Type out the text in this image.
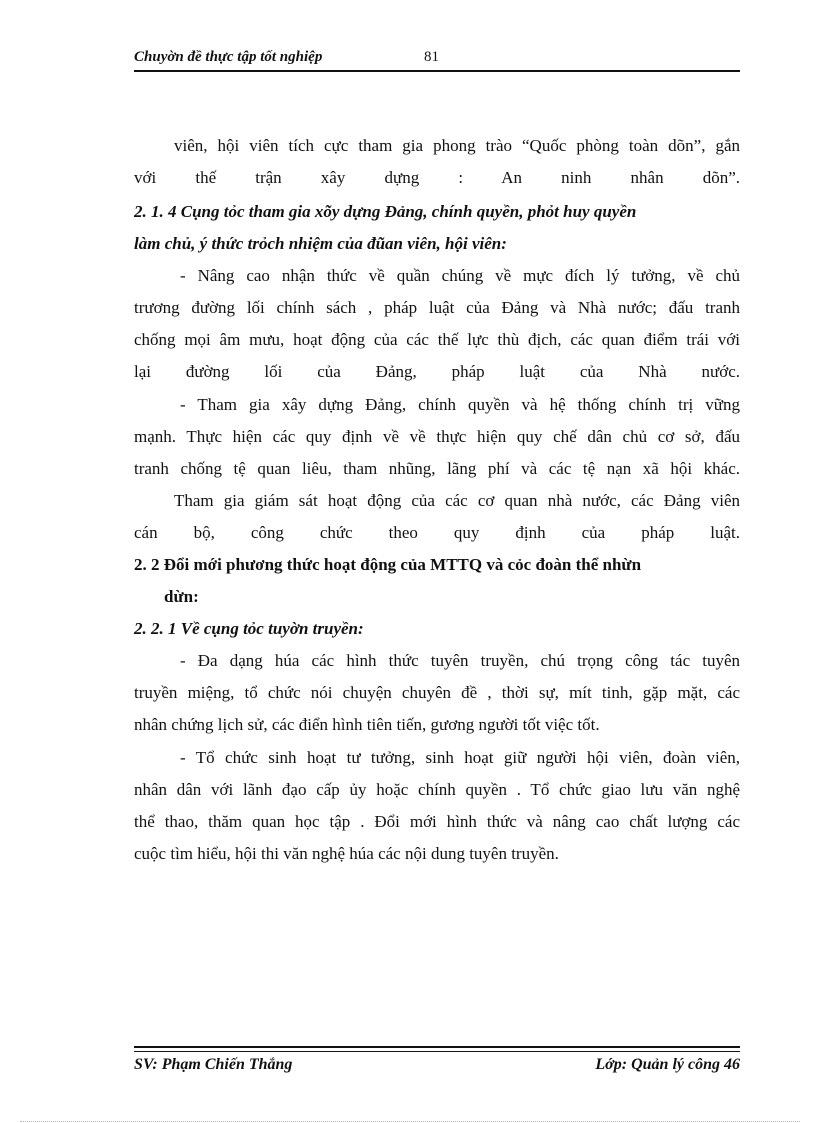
Chuyờn đề thực tập tốt nghiệp	81
viên, hội viên tích cực tham gia phong trào “Quốc phòng toàn dõn”, gắn
với thế trận xây dựng : An ninh nhân dõn”.
2. 1. 4 Cụng tỏc tham gia xõy dựng Đảng, chính quyền, phỏt huy quyền
làm chủ, ý thức trỏch nhiệm của đũan viên, hội viên:
- Nâng cao nhận thức về quần chúng về mực đích lý tưởng, về chủ
trương đường lối chính sách , pháp luật của Đảng và Nhà nước; đấu tranh
chống mọi âm mưu, hoạt động của các thế lực thù địch, các quan điểm trái với
lại đường lối của Đảng, pháp luật của Nhà nước.
- Tham gia xây dựng Đảng, chính quyền và hệ thống chính trị vững
mạnh. Thực hiện các quy định về về thực hiện quy chế dân chủ cơ sở, đấu
tranh chống tệ quan liêu, tham nhũng, lãng phí và các tệ nạn xã hội khác.
Tham gia giám sát hoạt động của các cơ quan nhà nước, các Đảng viên
cán bộ, công chức theo quy định của pháp luật.
2. 2 Đổi mới phương thức hoạt động của MTTQ và cỏc đoàn thể nhừn
dừn:
2. 2. 1 Về cụng tỏc tuyờn truyền:
- Đa dạng húa các hình thức tuyên truyền, chú trọng công tác tuyên
truyền miệng, tổ chức nói chuyện chuyên đề , thời sự, mít tinh, gặp mặt, các
nhân chứng lịch sử, các điển hình tiên tiến, gương người tốt việc tốt.
- Tổ chức sinh hoạt tư tưởng, sinh hoạt giữ người hội viên, đoàn viên,
nhân dân với lãnh đạo cấp ủy hoặc chính quyền . Tổ chức giao lưu văn nghệ
thể thao, thăm quan học tập . Đổi mới hình thức và nâng cao chất lượng các
cuộc tìm hiểu, hội thi văn nghệ húa các nội dung tuyên truyền.
SV: Phạm Chiến Thắng	Lớp: Quản lý công 46
